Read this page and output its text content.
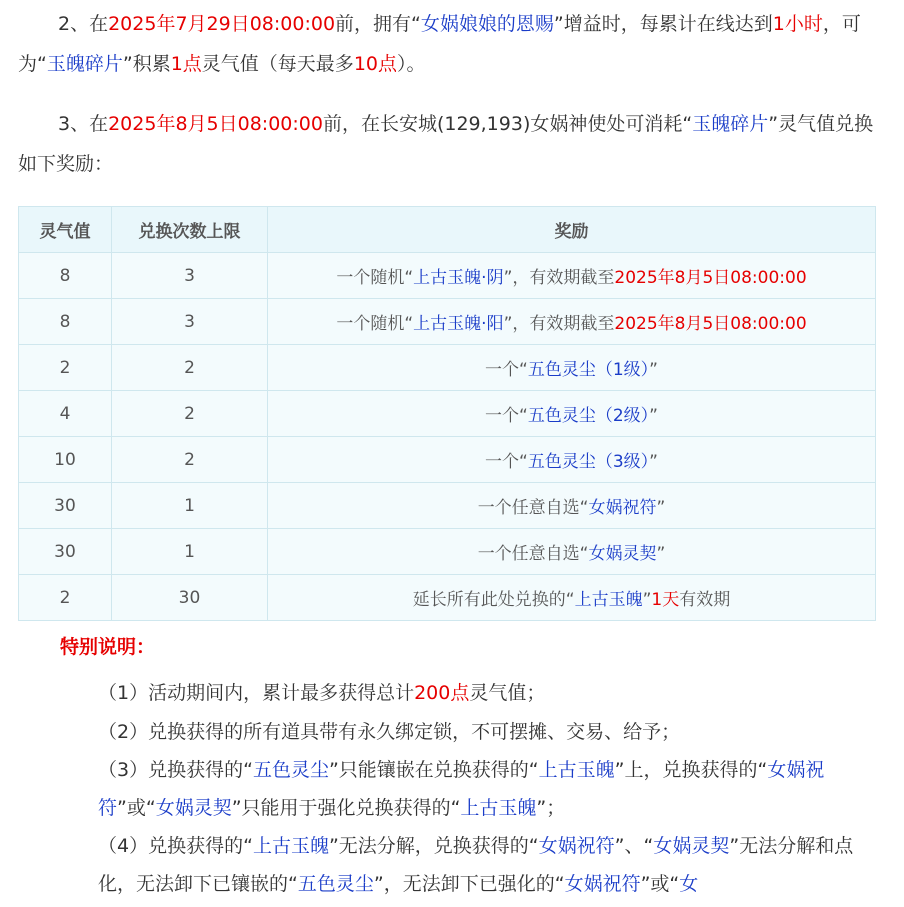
2、在2025年7月29日08:00:00前，拥有“女娲娘娘的恩赐”增益时，每累计在线达到1小时，可为“玉魄碎片”积累1点灵气值（每天最多10点）。
3、在2025年8月5日08:00:00前，在长安城(129,193)女娲神使处可消耗“玉魄碎片”灵气值兑换如下奖励：
灵气值	兑换次数上限	奖励
8	3	一个随机“上古玉魄·阴”，有效期截至2025年8月5日08:00:00
8	3	一个随机“上古玉魄·阳”，有效期截至2025年8月5日08:00:00
2	2	一个“五色灵尘（1级）”
4	2	一个“五色灵尘（2级）”
10	2	一个“五色灵尘（3级）”
30	1	一个任意自选“女娲祝符”
30	1	一个任意自选“女娲灵契”
2	30	延长所有此处兑换的“上古玉魄”1天有效期
特别说明：
（1）活动期间内，累计最多获得总计200点灵气值；
（2）兑换获得的所有道具带有永久绑定锁，不可摆摊、交易、给予；
（3）兑换获得的“五色灵尘”只能镶嵌在兑换获得的“上古玉魄”上，兑换获得的“女娲祝符”或“女娲灵契”只能用于强化兑换获得的“上古玉魄”；
（4）兑换获得的“上古玉魄”无法分解，兑换获得的“女娲祝符”、“女娲灵契”无法分解和点化，无法卸下已镶嵌的“五色灵尘”，无法卸下已强化的“女娲祝符”或“女
